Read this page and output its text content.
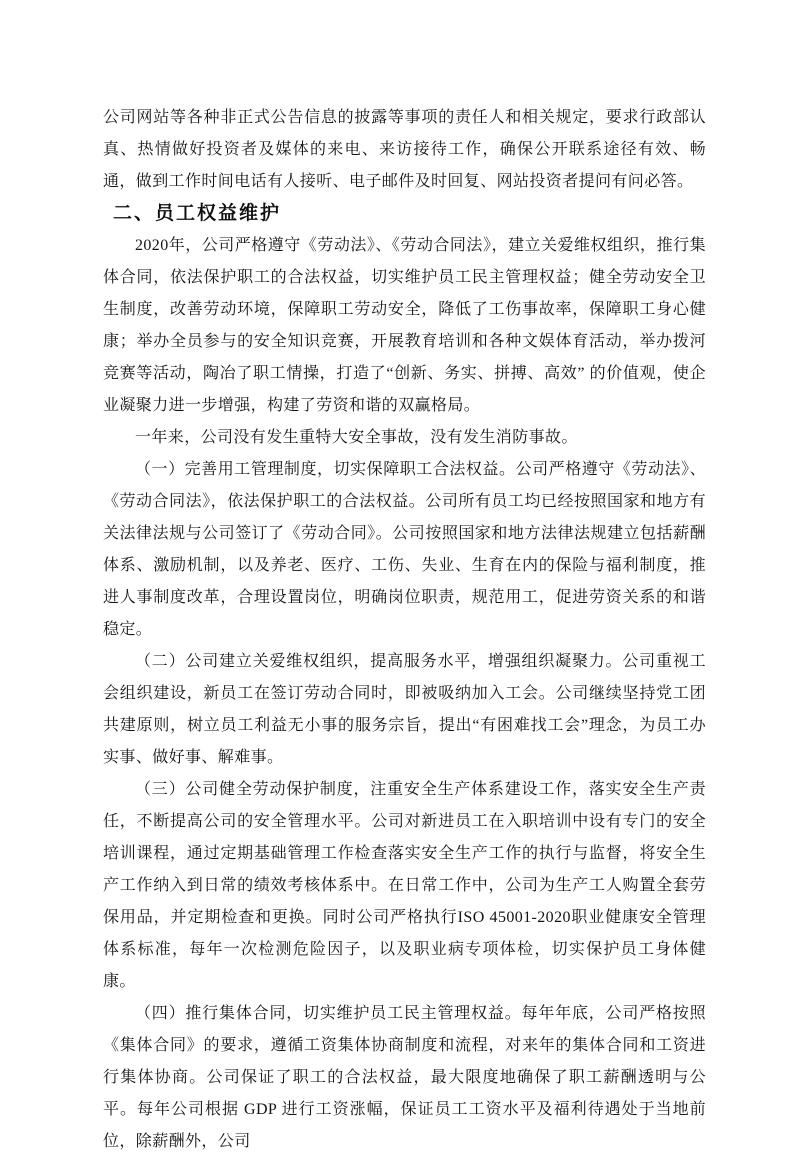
公司网站等各种非正式公告信息的披露等事项的责任人和相关规定，要求行政部认真、热情做好投资者及媒体的来电、来访接待工作，确保公开联系途径有效、畅通，做到工作时间电话有人接听、电子邮件及时回复、网站投资者提问有问必答。

二、员工权益维护

2020年，公司严格遵守《劳动法》、《劳动合同法》，建立关爱维权组织，推行集体合同，依法保护职工的合法权益，切实维护员工民主管理权益；健全劳动安全卫生制度，改善劳动环境，保障职工劳动安全，降低了工伤事故率，保障职工身心健康；举办全员参与的安全知识竞赛，开展教育培训和各种文娱体育活动，举办拨河竞赛等活动，陶冶了职工情操，打造了“创新、务实、拼搏、高效” 的价值观，使企业凝聚力进一步增强，构建了劳资和谐的双赢格局。

一年来，公司没有发生重特大安全事故，没有发生消防事故。

（一）完善用工管理制度，切实保障职工合法权益。公司严格遵守《劳动法》、《劳动合同法》，依法保护职工的合法权益。公司所有员工均已经按照国家和地方有关法律法规与公司签订了《劳动合同》。公司按照国家和地方法律法规建立包括薪酬体系、激励机制，以及养老、医疗、工伤、失业、生育在内的保险与福利制度，推进人事制度改革，合理设置岗位，明确岗位职责，规范用工，促进劳资关系的和谐稳定。

（二）公司建立关爱维权组织，提高服务水平，增强组织凝聚力。公司重视工会组织建设，新员工在签订劳动合同时，即被吸纳加入工会。公司继续坚持党工团共建原则，树立员工利益无小事的服务宗旨，提出“有困难找工会”理念，为员工办实事、做好事、解难事。

（三）公司健全劳动保护制度，注重安全生产体系建设工作，落实安全生产责任，不断提高公司的安全管理水平。公司对新进员工在入职培训中设有专门的安全培训课程，通过定期基础管理工作检查落实安全生产工作的执行与监督，将安全生产工作纳入到日常的绩效考核体系中。在日常工作中，公司为生产工人购置全套劳保用品，并定期检查和更换。同时公司严格执行ISO 45001-2020职业健康安全管理体系标准，每年一次检测危险因子，以及职业病专项体检，切实保护员工身体健康。

（四）推行集体合同，切实维护员工民主管理权益。每年年底，公司严格按照《集体合同》的要求，遵循工资集体协商制度和流程，对来年的集体合同和工资进行集体协商。公司保证了职工的合法权益，最大限度地确保了职工薪酬透明与公平。每年公司根据 GDP 进行工资涨幅，保证员工工资水平及福利待遇处于当地前位，除薪酬外，公司
